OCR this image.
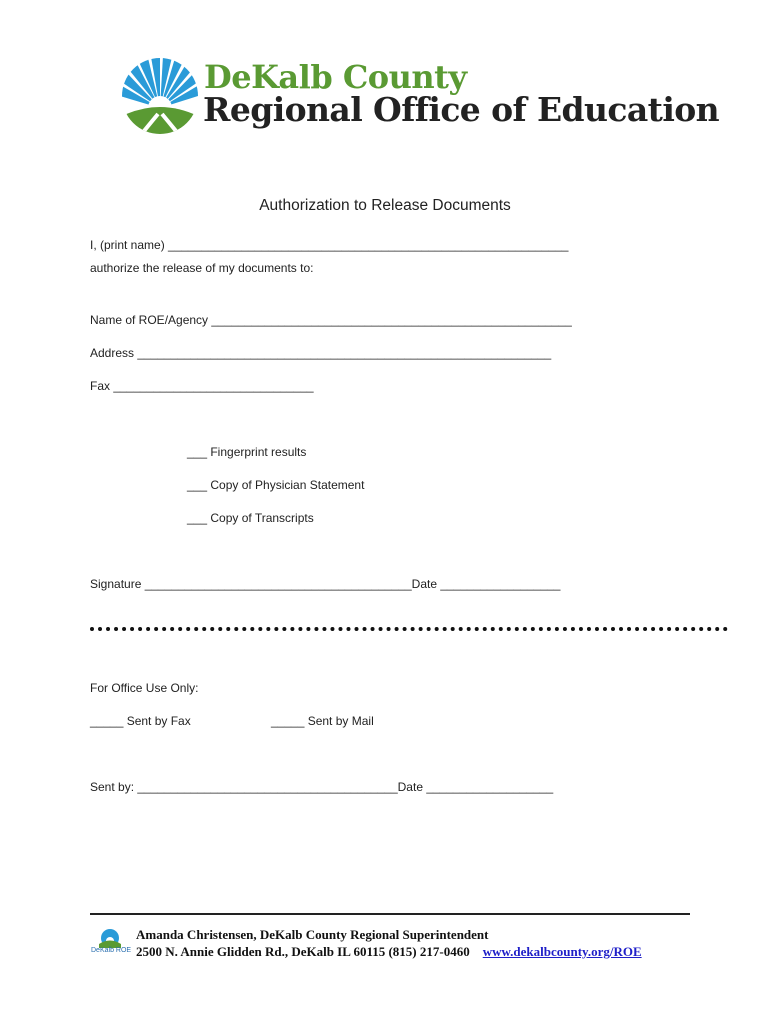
DeKalb County
Regional Office of Education
Authorization to Release Documents
I, (print name) ____________________________________________________________
authorize the release of my documents to:
Name of ROE/Agency ______________________________________________________
Address ______________________________________________________________
Fax ______________________________
___ Fingerprint results
___ Copy of Physician Statement
___ Copy of Transcripts
Signature ________________________________________Date __________________
For Office Use Only:
_____ Sent by Fax	_____ Sent by Mail
Sent by: _______________________________________Date ___________________
DeKalb ROE
Amanda Christensen, DeKalb County Regional Superintendent
2500 N. Annie Glidden Rd., DeKalb IL 60115 (815) 217-0460 www.dekalbcounty.org/ROE
